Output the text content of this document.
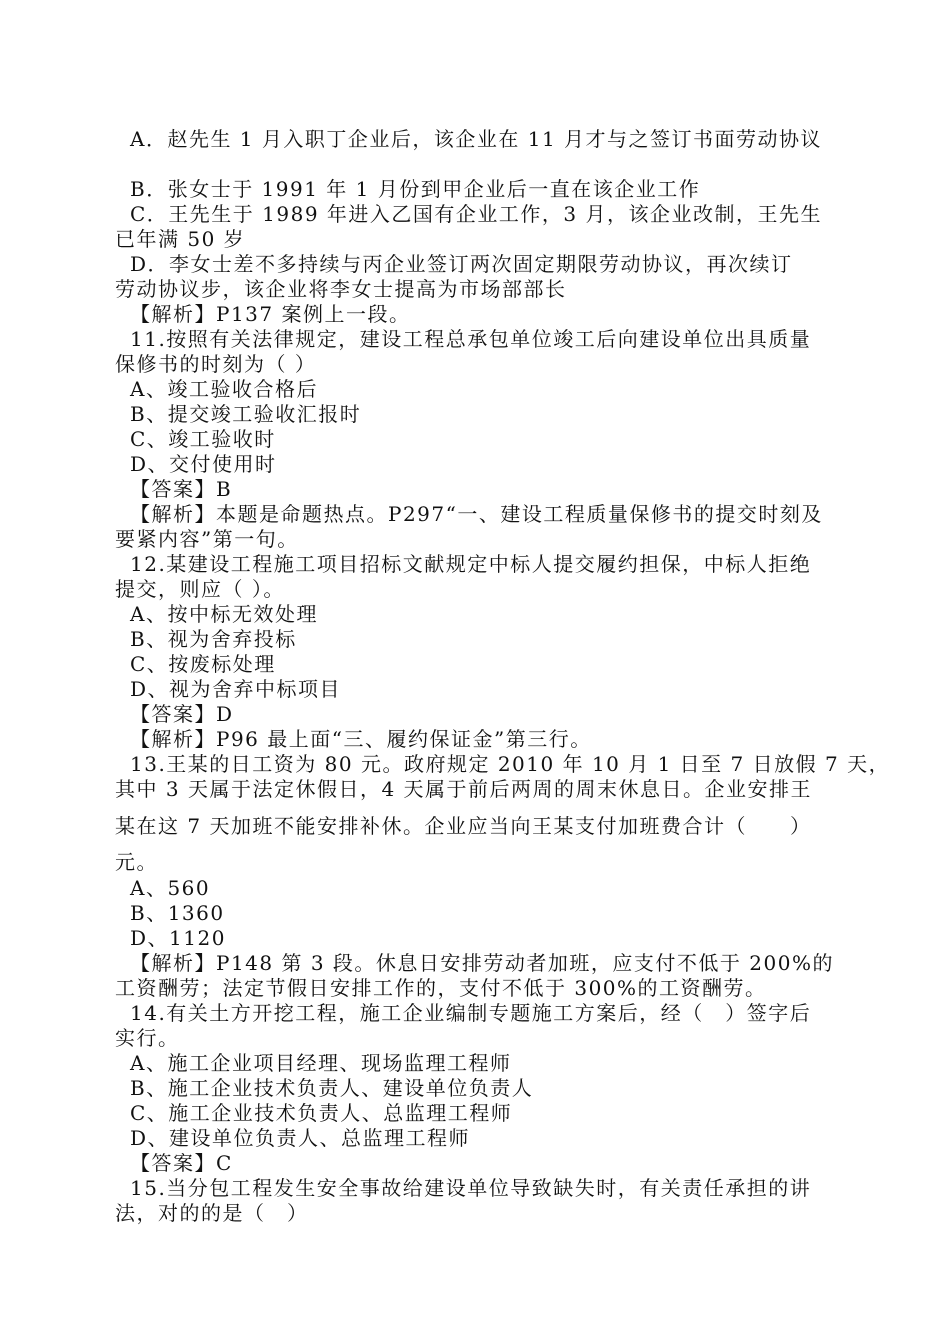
A．赵先生 1 月入职丁企业后，该企业在 11 月才与之签订书面劳动协议
B．张女士于 1991 年 1 月份到甲企业后一直在该企业工作
C．王先生于 1989 年进入乙国有企业工作，3 月，该企业改制，王先生
已年满 50 岁
D．李女士差不多持续与丙企业签订两次固定期限劳动协议，再次续订
劳动协议步，该企业将李女士提高为市场部部长
【解析】P137 案例上一段。
11.按照有关法律规定，建设工程总承包单位竣工后向建设单位出具质量
保修书的时刻为（ ）
A、竣工验收合格后
B、提交竣工验收汇报时
C、竣工验收时
D、交付使用时
【答案】B
【解析】本题是命题热点。P297“一、建设工程质量保修书的提交时刻及
要紧内容”第一句。
12.某建设工程施工项目招标文献规定中标人提交履约担保，中标人拒绝
提交，则应（ ）。
A、按中标无效处理
B、视为舍弃投标
C、按废标处理
D、视为舍弃中标项目
【答案】D
【解析】P96 最上面“三、履约保证金”第三行。
13.王某的日工资为 80 元。政府规定 2010 年 10 月 1 日至 7 日放假 7 天，
其中 3 天属于法定休假日，4 天属于前后两周的周末休息日。企业安排王
某在这 7 天加班不能安排补休。企业应当向王某支付加班费合计（　　）
元。
A、560
B、1360
D、1120
【解析】P148 第 3 段。休息日安排劳动者加班，应支付不低于 200%的
工资酬劳；法定节假日安排工作的，支付不低于 300%的工资酬劳。
14.有关土方开挖工程，施工企业编制专题施工方案后，经（　）签字后
实行。
A、施工企业项目经理、现场监理工程师
B、施工企业技术负责人、建设单位负责人
C、施工企业技术负责人、总监理工程师
D、建设单位负责人、总监理工程师
【答案】C
15.当分包工程发生安全事故给建设单位导致缺失时，有关责任承担的讲
法，对的的是（　）
